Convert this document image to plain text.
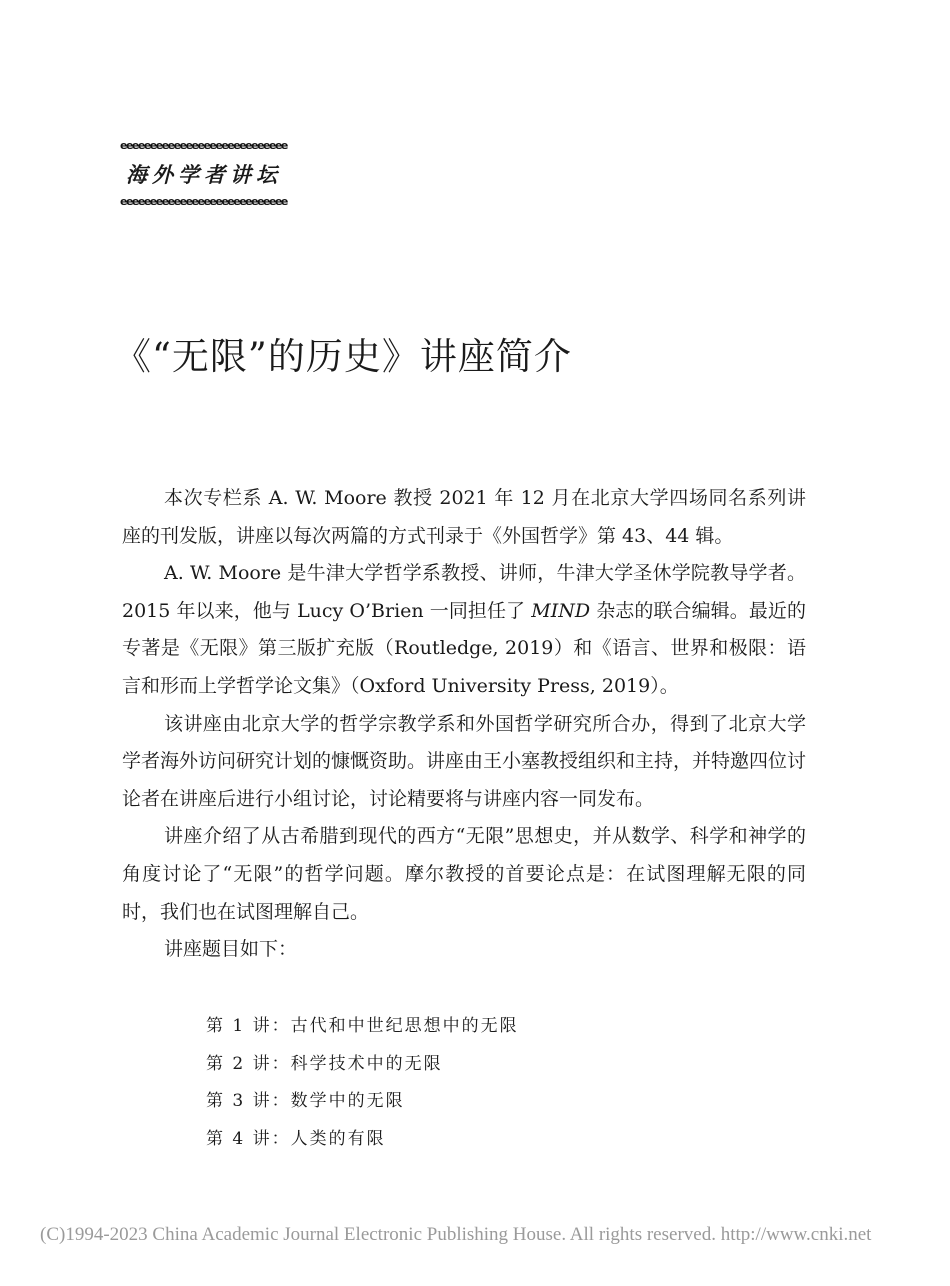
eeeeeeeeeeeeeeeeeeeeeeeeeeee
海外学者讲坛
eeeeeeeeeeeeeeeeeeeeeeeeeeee
《“无限”的历史》讲座简介

本次专栏系 A. W. Moore 教授 2021 年 12 月在北京大学四场同名系列讲座的刊发版，讲座以每次两篇的方式刊录于《外国哲学》第 43、44 辑。

A. W. Moore 是牛津大学哲学系教授、讲师，牛津大学圣休学院教导学者。2015 年以来，他与 Lucy O’Brien 一同担任了 MIND 杂志的联合编辑。最近的专著是《无限》第三版扩充版（Routledge, 2019）和《语言、世界和极限：语言和形而上学哲学论文集》（Oxford University Press, 2019）。

该讲座由北京大学的哲学宗教学系和外国哲学研究所合办，得到了北京大学学者海外访问研究计划的慷慨资助。讲座由王小塞教授组织和主持，并特邀四位讨论者在讲座后进行小组讨论，讨论精要将与讲座内容一同发布。

讲座介绍了从古希腊到现代的西方“无限”思想史，并从数学、科学和神学的角度讨论了“无限”的哲学问题。摩尔教授的首要论点是：在试图理解无限的同时，我们也在试图理解自己。

讲座题目如下：

第 1 讲：古代和中世纪思想中的无限
第 2 讲：科学技术中的无限
第 3 讲：数学中的无限
第 4 讲：人类的有限
(C)1994-2023 China Academic Journal Electronic Publishing House. All rights reserved. http://www.cnki.net
